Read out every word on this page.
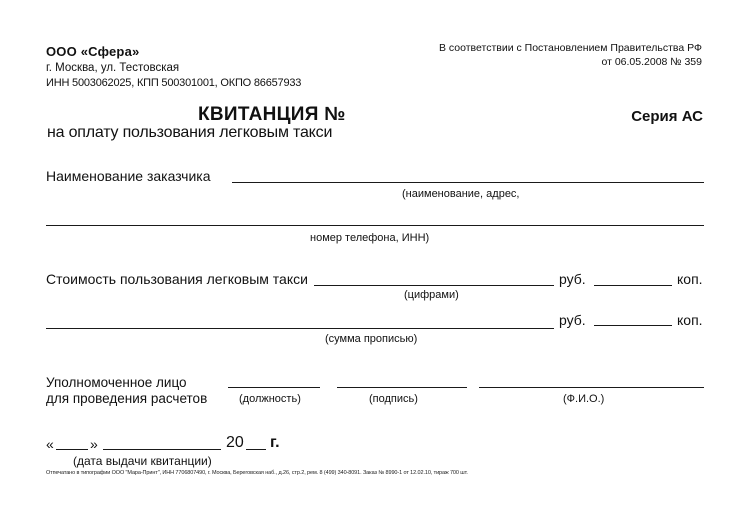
ООО «Сфера»
г. Москва, ул. Тестовская
ИНН 5003062025, КПП 500301001, ОКПО 86657933
В соответствии с Постановлением Правительства РФ
от 06.05.2008 № 359
КВИТАНЦИЯ №
на оплату пользования легковым такси
Серия АС
Наименование заказчика
(наименование, адрес,
номер телефона, ИНН)
Стоимость пользования легковым такси	руб.	коп.
(цифрами)
руб.	коп.
(сумма прописью)
Уполномоченное лицо
для проведения расчетов	(должность)	(подпись)	(Ф.И.О.)
«	»	20 г.
(дата выдачи квитанции)
Отпечатано в типографии ООО "Мара-Принт", ИНН 7706807490, г. Москва, Береговская наб., д.26, стр.2, рем. 8 (499) 340-8091. Заказ № 8990-1 от 12.02.10, тираж 700 шт.
